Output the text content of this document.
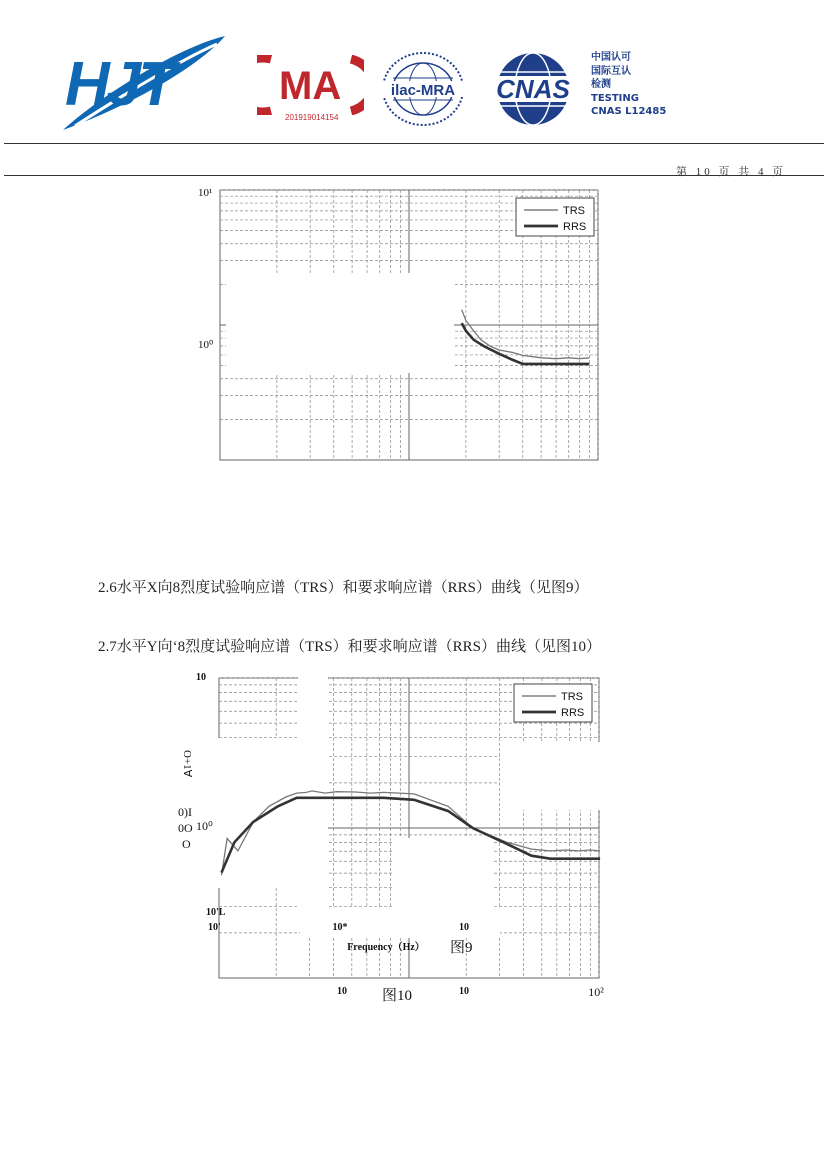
HJT	MA
201919014154
ilac-MRA CNAS
中国认可
国际互认
检测
TESTING
CNAS L12485
第 10 页 共 4 页
TRS
RRS
10¹
10⁰
2.6水平X向8烈度试验响应谱（TRS）和要求响应谱（RRS）曲线（见图9）
2.7水平Y向‘8烈度试验响应谱（TRS）和要求响应谱（RRS）曲线（见图10）
TRS
RRS
10
O+1∀
0)I
0O
O
10⁰
10'L
10'	10*	10
Frequency（Hz） 图9
10	10	10²
图10
